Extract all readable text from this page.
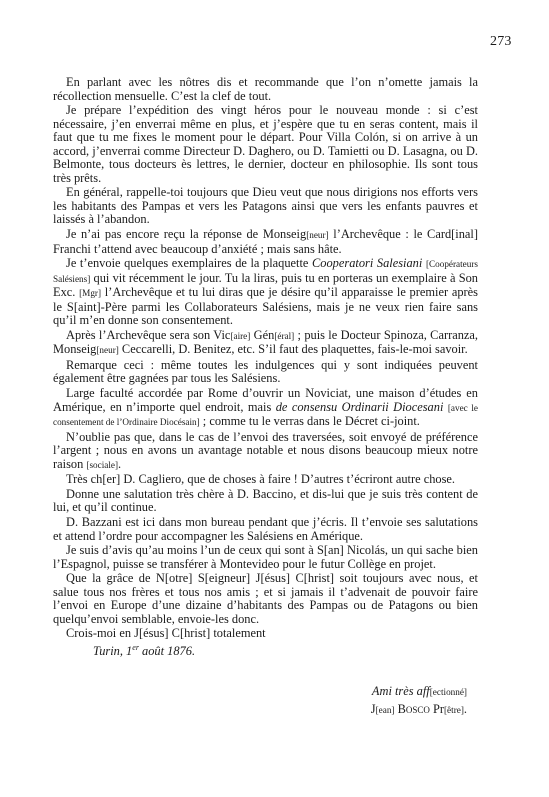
273

En parlant avec les nôtres dis et recommande que l’on n’omette jamais la récollection mensuelle. C’est la clef de tout.

Je prépare l’expédition des vingt héros pour le nouveau monde : si c’est nécessaire, j’en enverrai même en plus, et j’espère que tu en seras content, mais il faut que tu me fixes le moment pour le départ. Pour Villa Colón, si on arrive à un accord, j’enverrai comme Directeur D. Daghero, ou D. Tamietti ou D. Lasagna, ou D. Belmonte, tous docteurs ès lettres, le dernier, docteur en philosophie. Ils sont tous très prêts.

En général, rappelle-toi toujours que Dieu veut que nous dirigions nos efforts vers les habitants des Pampas et vers les Patagons ainsi que vers les enfants pauvres et laissés à l’abandon.

Je n’ai pas encore reçu la réponse de Monseig[neur] l’Archevêque : le Card[inal] Franchi t’attend avec beaucoup d’anxiété ; mais sans hâte.

Je t’envoie quelques exemplaires de la plaquette Cooperatori Salesiani [Coopérateurs Salésiens] qui vit récemment le jour. Tu la liras, puis tu en porteras un exemplaire à Son Exc. [Mgr] l’Archevêque et tu lui diras que je désire qu’il apparaisse le premier après le S[aint]-Père parmi les Collaborateurs Salésiens, mais je ne veux rien faire sans qu’il m’en donne son consentement.

Après l’Archevêque sera son Vic[aire] Gén[éral] ; puis le Docteur Spinoza, Carranza, Monseig[neur] Ceccarelli, D. Benitez, etc. S’il faut des plaquettes, fais-le-moi savoir.

Remarque ceci : même toutes les indulgences qui y sont indiquées peuvent également être gagnées par tous les Salésiens.

Large faculté accordée par Rome d’ouvrir un Noviciat, une maison d’études en Amérique, en n’importe quel endroit, mais de consensu Ordinarii Diocesani [avec le consentement de l’Ordinaire Diocésain] ; comme tu le verras dans le Décret ci-joint.

N’oublie pas que, dans le cas de l’envoi des traversées, soit envoyé de préférence l’argent ; nous en avons un avantage notable et nous disons beaucoup mieux notre raison [sociale].

Très ch[er] D. Cagliero, que de choses à faire ! D’autres t’écriront autre chose.

Donne une salutation très chère à D. Baccino, et dis-lui que je suis très content de lui, et qu’il continue.

D. Bazzani est ici dans mon bureau pendant que j’écris. Il t’envoie ses salutations et attend l’ordre pour accompagner les Salésiens en Amérique.

Je suis d’avis qu’au moins l’un de ceux qui sont à S[an] Nicolás, un qui sache bien l’Espagnol, puisse se transférer à Montevideo pour le futur Collège en projet.

Que la grâce de N[otre] S[eigneur] J[ésus] C[hrist] soit toujours avec nous, et salue tous nos frères et tous nos amis ; et si jamais il t’advenait de pouvoir faire l’envoi en Europe d’une dizaine d’habitants des Pampas ou de Patagons ou bien quelqu’envoi semblable, envoie-les donc.

Crois-moi en J[ésus] C[hrist] totalement
Turin, 1er août 1876.

Ami très aff[ectionné]
J[ean] Bosco Pr[être].
